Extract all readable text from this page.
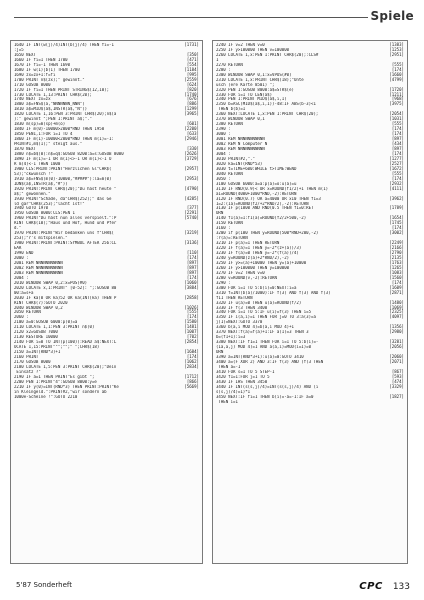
Spiele
1640 IF INT(w(j)/4)INT(b(j)/4) THEN fi=-1	[1731]
:j=5
1650 NEXT	[350]
1660 IF fi=1 THEN 1700	[471]
1670 IF fi=-1 THEN 1690	[554]
1680 IF w(1)|b(1) THEN 1700	[1184]
1690 zx=zx+1:f=fi	[995]
1700 PRINT n$(zx);" gewinnt."	[2559]
1710 GOSUB 8000	[624]
1720 IF fi=1 THEN PRINT STRING$(12,10);	[820]
1730 LOCATE 1,13:PRINT CHR$(20);	[1740]
1740 NEXT zx=zx	[676]
1800 a$=FNS$(a,"NNNNNNN_NNN")	[886]
1810 a$=MID$(a$,INSTR(a$,"N"))	[1299]
1820 LOCATE 1,16:PEN 3:PRINT CHR$(20);n$(a	[3965]
):" gewinnt ";PEN 1:PRINT a$;"."
1830 m(sp)=m(sp)+m(o)	[601]
1840 IF m(0)-10000>2000*RND THEN 1950	[2200]
1850 PEN1,1:FOR i=1 TO 4	[633]
1860 IF m(1)-10000<2000*RND THEN m(1)=-1:	[2946]
PRINT#1,m$(1);" steigt aus."
1870 NEXT	[330]
1880 n$=b$(0):n$=q$:GOSUB 8200:a=s:GOSUB 8000	[2626]
1890 IF m(1)=-1 OR m(1)<>-1 OR m(1)<-1 O	[3729]
R m(4)<-1 THEN 1000
1900 CLS:PRINT:PRINT"Herzlichen Gl"CHR$(	[2957]
53);"ckwunsch !"
1910 a$=FNS$(m(0)-10000,"#####"):la=m(0)	[2953]
IDN$(a$,INSTR(a$,"#"))
1920 PRINT:PRINT CHR$(20);"Du hast heute "	[4790]
a$;" gewonnen."
1930 PRINT"Schade, da"CHR$(252);" das Ge	[4285]
ld gar"CHR$(253);"lacht ist!"
1940 GOTO 1970	[377]
1950 GOSUB 8000:CLS:PEN 1	[2291]
1960 PRINT"Du hast nun alles verspielt.":P	[5740]
RINT CHR$(10);"Haus und Hof, Hund und Pfer
d."
1970 PRINT:PRINT"Wir bedanken uns f"CHR$(	[3219]
253);"r's mitspielen."
1980 PRINT:PRINT:PRINT:SYMBOL AFTER 256:CL	[3136]
EAR
1990 END	[110]
2000 :	[174]
2001 REM NNNNNNNNNNN	[897]
2002 REM NNNNNNNNNNN	[897]
2003 REM NNNNNNNNNNN	[897]
2004 :	[174]
2010 WINDOW SWAP 0,2:x=POS(#0)	[1060]
2020 LOCATE x,1:PRINT" [0-52]: ";:GOSUB 80	[3884]
00:a=s+a
2030 IF ka(0 OR ka)52 OR ka(INT(ka) THEN P	[2858]
RINT CHR$(7):GOTO 2020
2040 WINDOW SWAP 0,2	[1026]
2050 RETURN	[555]
2060 :	[174]
2100 a=0:GOSUB 6000:p(0)=a	[1580]
2110 LOCATE 1,1:PEN 3:PRINT n$(0)	[1481]
2120 x2=GOSUB 7000	[1007]
2130 RESTORE 10000	[702]
2140 FOR i=0 TO INT(p(100)):READ a$:NEXT:L	[2854]
OCATE 1,15:PRINT""";"";" ";CHR$(18)
2150 a=INT(RND*3)+1	[1684]
2160 PRINT	[174]
2170 GOSUB 8000	[1062]
2180 LOCATE 1,5:PEN 3:PRINT CHR$(20);"Dein	[2834]
Einsatz ?"
2190 IF a=1 THEN PRINT"Es gibt ";	[1712]
2200 PEN 1:PRINT"4":GOSUB 8000:y=e	[866]
2210 IF y(0)=INT(RND*3) THEN PRINT:PRINT"Ke	[5669]
in Kleingeld.":PRINT#2,"wir sondern ab
1000e-Scheine !":GOTO 2210
2240 IF v=2 THEN v=0	[1383]
2250 IF y>100000 THEN v=100000	[1253]
2260 LOCATE 1,x:PEN 1:PRINT CHR$(20);:CLS#	[2951]
1
2270 RETURN	[555]
2280 :	[174]
2300 WINDOW SWAP 0,1:x=VPOS(#0)	[1660]
2310 LOCATE 1,x:PRINT CHR$(18);"Unte	[4799]
usch (ere Karte 8501) ";
2320 PEN 1:GOSUB 8000:a$=STR$(e)	[1720]
2330 FOR i=1 TO LEN(a$)	[1211]
2340 PEN 1:PRINT MID$(a$,i,1)	[968]
2350 b=ASC(MID$(a$,i,1))-48:IF ABS(b-3)<1	[3975]
THEN b(b)=1
2360 NEXT:LOCATE 1,x:PEN 1:PRINT CHR$(20);	[2054]
2370 WINDOW SWAP 0,1	[1031]
2380 RETURN	[555]
2390 :	[174]
3000 :	[174]
3001 REM NNNNNNNNNNN	[897]
3002 REM N Computer N	[434]
3003 REM NNNNNNNNNNN	[897]
3004 :	[174]
3010 PRINT#2,"."	[1277]
3020 ka=INT(RND*53)	[2527]
3030 t=TIME+600:WHILE t>TIME:WEND	[1672]
3040 RETURN	[555]
3050 :	[174]
3100 GOSUB 6000:a=a:p(a)=o:u(a)=u	[2932]
3110 IF RND(0.9)< OR x=ROUND(f1/2)+1 THEN m(1)	[4111]
a1=ROUND(4000+1000*RND,-2):RETURN
3120 IF RND(0.7) OR a=4000 OR x10 THEN f1=3	[3962]
1=2:(1a)=ROUND(f2/+2*RND/2),-2):RETURN
3130 IF p(1000 AND RND(0.5 THEN f1=0:RET	[1789]
URN
3140 f1(a)=1:f1(a)=ROUND(f2/2+500,-2)	[1654]
3150 RETURN	[1745]
3160 :	[174]
3200 if p(100 THEN y=ROUND(500*RND+200,-2)	[3002]
:r(a)=:RETURN
3210 IF p(a)=1 THEN RETURN	[2249]
3220 IF f(a)=1 THEN y=-2*(z+(a))/3)	[2166]
3230 IF f(a)=0 THEN y=-2*(f(a))/4)	[2790]
3240 y=ROUND(z(a)+2*RND/2),-2)	[2135]
3250 IF y>=(a)+10000 THEN y=(a)+10000	[1763]
3260 IF y>100000 THEN y=100000	[1265]
3270 IF v=2 THEN v=0	[1083]
3280 v=ROUND(v,-2):RETURN	[1560]
3290 :	[174]
3300 FOR i=1 TO 5:b(i)=0:NEXT:i=a	[1609]
3310 f=INT(b(a)/1000):IF f(3) AND f(3) AND f(3)	[2871]
f11 THEN RETURN
3320 IF u(a)=0 THEN u(a)=ROUND(f/2)	[1480]
3330 IF f(3 THEN 3400	[1069]
3340 FOR i=1 TO 5:IF u(i)=f(3) THEN i=5	[2325]
3350 IF i(a,i)=1 THEN FOR j=0 TO 3:a(3)=a	[4097]
j(1)=NEXT:GOTO 3370
3360 b(a,i MOD 4)=b(a,i MOD 4)+1	[1356]
3370 NEXT:f(a)=f(a)+1:IF a(1)=3 THEN 3	[2980]
b=(f1+1):i=3
3380 NEXT:IF f1=1 THEN FOR i=1 TO 5:b(i)=-	[3281]
(1a,a,j) MOD 4)=1 AND a(a,i)=MOD(i=I)=0	[2056]
URN
3390 a=INT(RND*3+1):u(a)=0:GOTO 3410	[2060]
3400 a=(F XOR 2) AND 3:IF f(3) AND (f(3 THEN	[2071]
THEN a=-1
3410 FOR s=1 TO 5 STEP-1	[867]
3420 f1=1:FOR j=1 TO 5	[593]
3430 IF IHS THEN 3450	[474]
3440 IF INT(s(s,j)/4)=INT(s(s,j)/4) AND (i	[3329]
s(s,j)/4)=1)*1
3450 NEXT:IF fi=1 THEN b(i)=-a=-1:IF a=0	[1827]
THEN i=1
5'87 Sonderheft	CPC 133
